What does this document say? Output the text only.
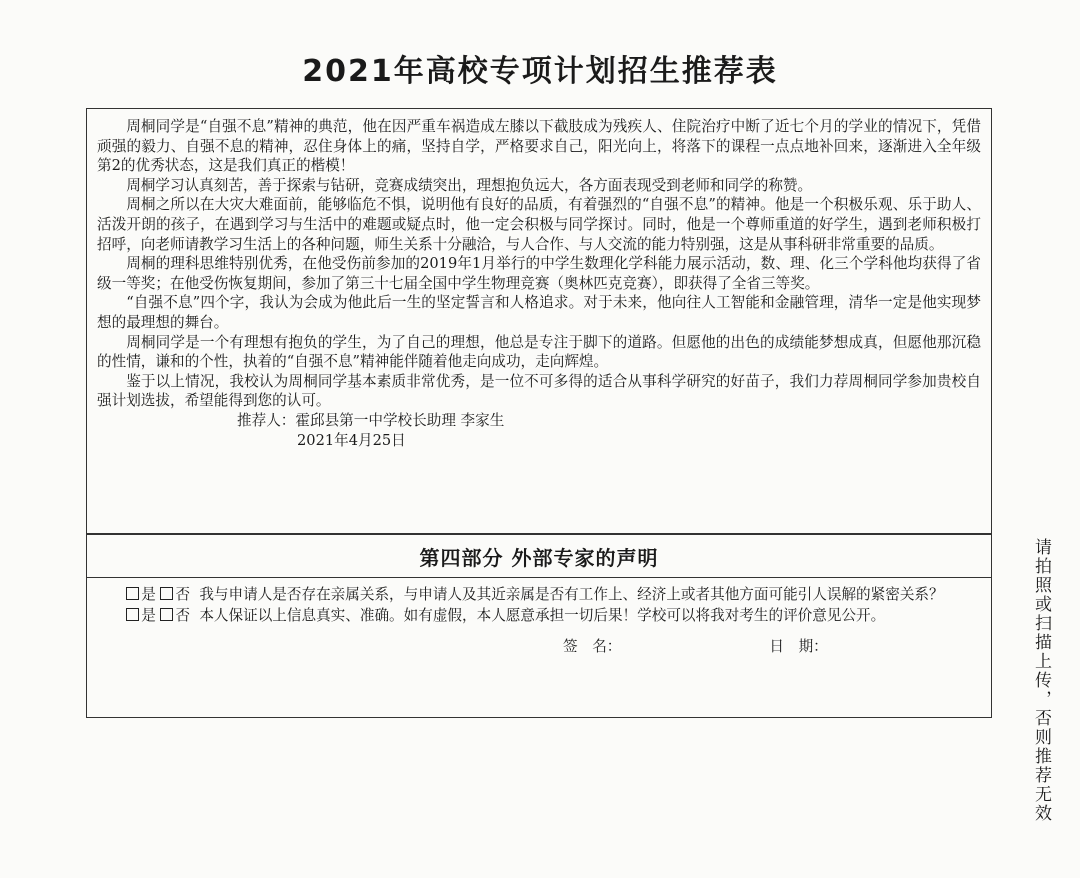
2021年高校专项计划招生推荐表

周桐同学是“自强不息”精神的典范，他在因严重车祸造成左膝以下截肢成为残疾人、住院治疗中断了近七个月的学业的情况下，凭借顽强的毅力、自强不息的精神，忍住身体上的痛，坚持自学，严格要求自己，阳光向上，将落下的课程一点点地补回来，逐渐进入全年级第2的优秀状态，这是我们真正的楷模！

周桐学习认真刻苦，善于探索与钻研，竞赛成绩突出，理想抱负远大，各方面表现受到老师和同学的称赞。

周桐之所以在大灾大难面前，能够临危不惧，说明他有良好的品质，有着强烈的“自强不息”的精神。他是一个积极乐观、乐于助人、活泼开朗的孩子，在遇到学习与生活中的难题或疑点时，他一定会积极与同学探讨。同时，他是一个尊师重道的好学生，遇到老师积极打招呼，向老师请教学习生活上的各种问题，师生关系十分融洽，与人合作、与人交流的能力特别强，这是从事科研非常重要的品质。

周桐的理科思维特别优秀，在他受伤前参加的2019年1月举行的中学生数理化学科能力展示活动，数、理、化三个学科他均获得了省级一等奖；在他受伤恢复期间，参加了第三十七届全国中学生物理竞赛（奥林匹克竞赛），即获得了全省三等奖。

“自强不息”四个字，我认为会成为他此后一生的坚定誓言和人格追求。对于未来，他向往人工智能和金融管理，清华一定是他实现梦想的最理想的舞台。

周桐同学是一个有理想有抱负的学生，为了自己的理想，他总是专注于脚下的道路。但愿他的出色的成绩能梦想成真，但愿他那沉稳的性情，谦和的个性，执着的“自强不息”精神能伴随着他走向成功，走向辉煌。

鉴于以上情况，我校认为周桐同学基本素质非常优秀，是一位不可多得的适合从事科学研究的好苗子，我们力荐周桐同学参加贵校自强计划选拔，希望能得到您的认可。

推荐人：霍邱县第一中学校长助理 李家生
2021年4月25日
第四部分 外部专家的声明

是 否 我与申请人是否存在亲属关系，与申请人及其近亲属是否有工作上、经济上或者其他方面可能引人误解的紧密关系？

是 否 本人保证以上信息真实、准确。如有虚假，本人愿意承担一切后果！学校可以将我对考生的评价意见公开。

签　名：	日　期：	请拍照或扫描上传，否则推荐无效
